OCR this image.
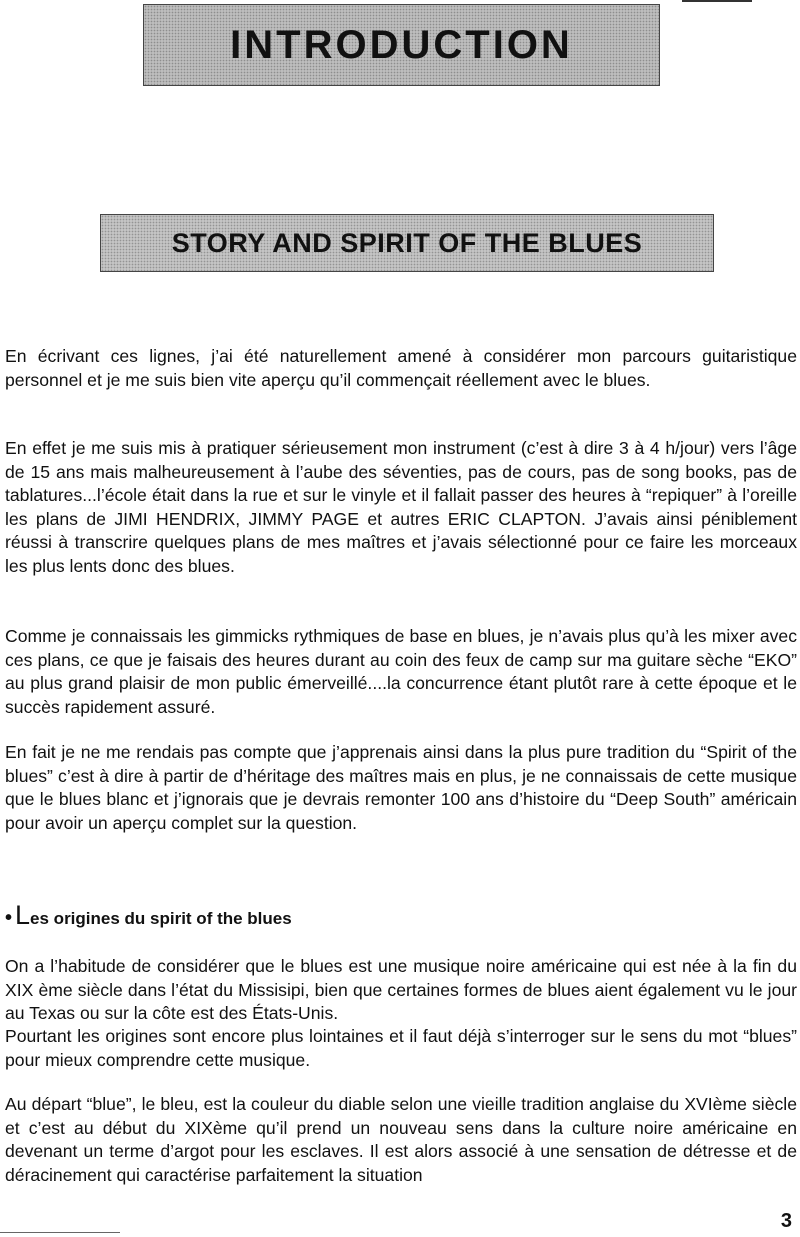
INTRODUCTION
STORY AND SPIRIT OF THE BLUES

En écrivant ces lignes, j’ai été naturellement amené à considérer mon parcours guitaristique personnel et je me suis bien vite aperçu qu’il commençait réellement avec le blues.

En effet je me suis mis à pratiquer sérieusement mon instrument (c’est à dire 3 à 4 h/jour) vers l’âge de 15 ans mais malheureusement à l’aube des séventies, pas de cours, pas de song books, pas de tablatures...l’école était dans la rue et sur le vinyle et il fallait passer des heures à “repiquer” à l’oreille les plans de JIMI HENDRIX, JIMMY PAGE et autres ERIC CLAPTON. J’avais ainsi péniblement réussi à transcrire quelques plans de mes maîtres et j’avais sélectionné pour ce faire les morceaux les plus lents donc des blues.

Comme je connaissais les gimmicks rythmiques de base en blues, je n’avais plus qu’à les mixer avec ces plans, ce que je faisais des heures durant au coin des feux de camp sur ma guitare sèche “EKO” au plus grand plaisir de mon public émerveillé....la concurrence étant plutôt rare à cette époque et le succès rapidement assuré.

En fait je ne me rendais pas compte que j’apprenais ainsi dans la plus pure tradition du “Spirit of the blues” c’est à dire à partir de d’héritage des maîtres mais en plus, je ne connaissais de cette musique que le blues blanc et j’ignorais que je devrais remonter 100 ans d’histoire du “Deep South” américain pour avoir un aperçu complet sur la question.

• Les origines du spirit of the blues

On a l’habitude de considérer que le blues est une musique noire américaine qui est née à la fin du XIX ème siècle dans l’état du Missisipi, bien que certaines formes de blues aient également vu le jour au Texas ou sur la côte est des États-Unis.

Pourtant les origines sont encore plus lointaines et il faut déjà s’interroger sur le sens du mot “blues” pour mieux comprendre cette musique.

Au départ “blue”, le bleu, est la couleur du diable selon une vieille tradition anglaise du XVIème siècle et c’est au début du XIXème qu’il prend un nouveau sens dans la culture noire américaine en devenant un terme d’argot pour les esclaves. Il est alors associé à une sensation de détresse et de déracinement qui caractérise parfaitement la situation

3
